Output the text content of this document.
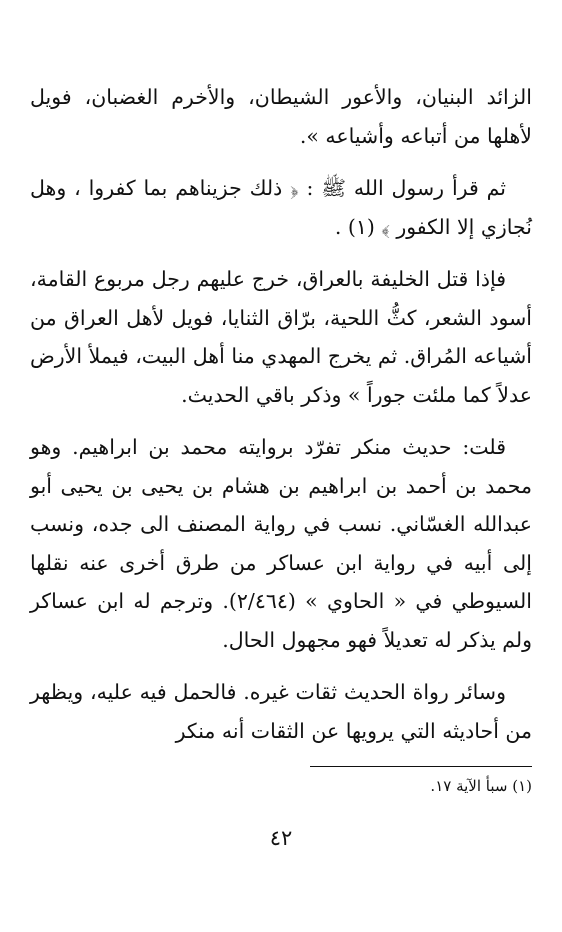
الزائد البنيان، والأعور الشيطان، والأخرم الغضبان، فويل لأهلها من أتباعه وأشياعه ».

ثم قرأ رسول الله ﷺ : ﴿ ذلك جزيناهم بما كفروا ، وهل نُجازي إلا الكفور ﴾ (١) .

فإذا قتل الخليفة بالعراق، خرج عليهم رجل مربوع القامة، أسود الشعر، كثُّ اللحية، برّاق الثنايا، فويل لأهل العراق من أشياعه المُراق. ثم يخرج المهدي منا أهل البيت، فيملأ الأرض عدلاً كما ملئت جوراً » وذكر باقي الحديث.

قلت: حديث منكر تفرّد بروايته محمد بن ابراهيم. وهو محمد بن أحمد بن ابراهيم بن هشام بن يحيى بن يحيى أبو عبدالله الغسّاني. نسب في رواية المصنف الى جده، ونسب إلى أبيه في رواية ابن عساكر من طرق أخرى عنه نقلها السيوطي في « الحاوي » (٢/٤٦٤). وترجم له ابن عساكر ولم يذكر له تعديلاً فهو مجهول الحال.

وسائر رواة الحديث ثقات غيره. فالحمل فيه عليه، ويظهر من أحاديثه التي يرويها عن الثقات أنه منكر

(١) سبأ الآية ١٧.
٤٢
